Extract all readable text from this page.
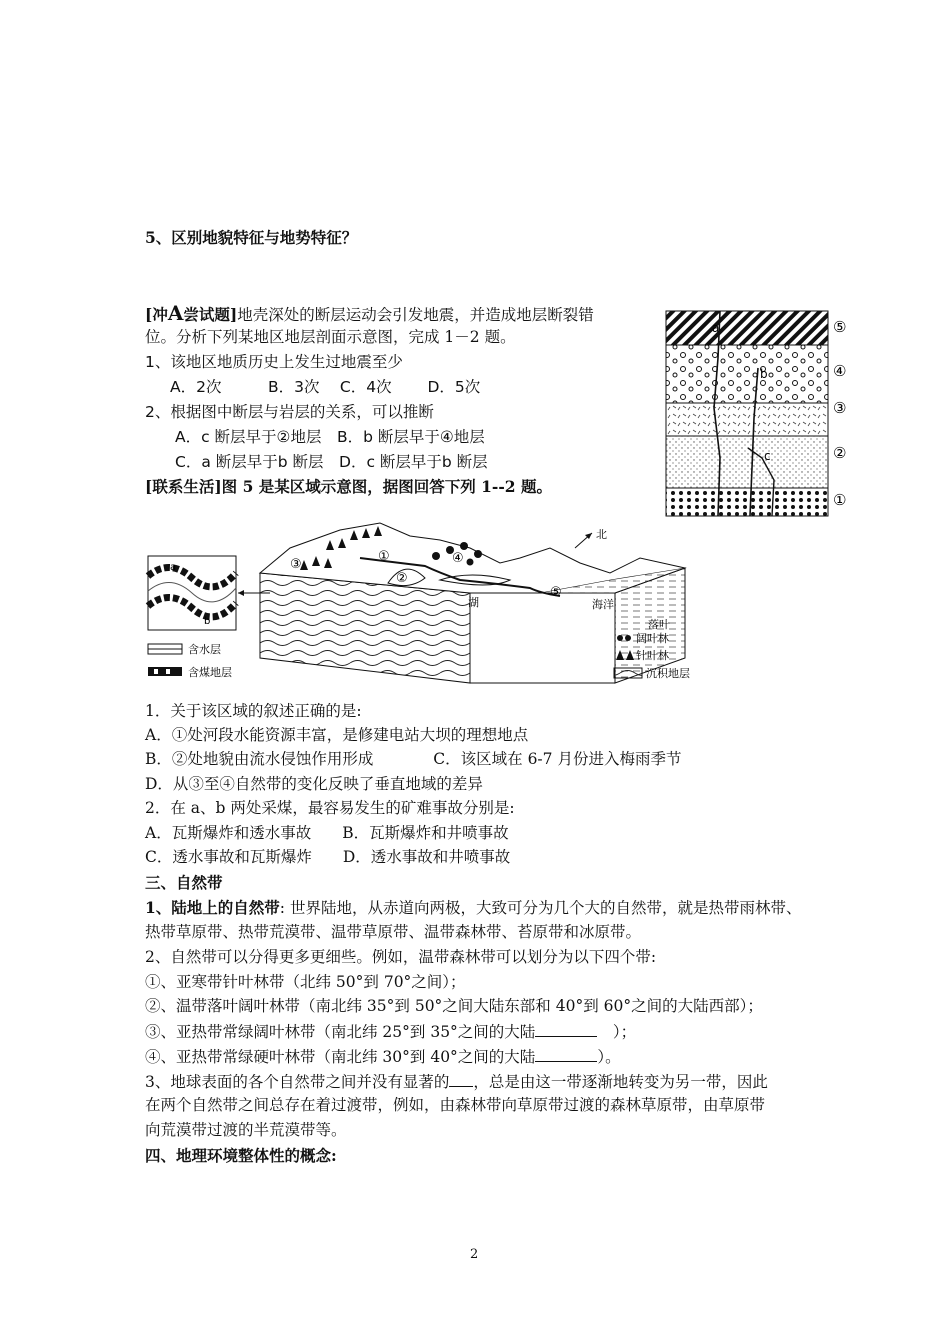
5、区别地貌特征与地势特征？
[冲A尝试题]地壳深处的断层运动会引发地震，并造成地层断裂错
位。分析下列某地区地层剖面示意图，完成 1－2 题。
1、该地区地质历史上发生过地震至少
A．2次　　　B．3次　 C．4次　　 D．5次
2、根据图中断层与岩层的关系，可以推断
A．c 断层早于②地层　B．b 断层早于④地层
C．a 断层早于b 断层　D．c 断层早于b 断层
a
b
c
⑤
④
③
②
①
[联系生活]图 5 是某区域示意图，据图回答下列 1--2 题。
a
b
含水层
含煤地层
①
②
③	④
⑤
湖	海洋
北
落叶
阔叶林
针叶林
沉积地层
1．关于该区域的叙述正确的是:
A．①处河段水能资源丰富，是修建电站大坝的理想地点
B．②处地貌由流水侵蚀作用形成	C．该区域在 6-7 月份进入梅雨季节
D．从③至④自然带的变化反映了垂直地域的差异
2．在 a、b 两处采煤，最容易发生的矿难事故分别是:
A．瓦斯爆炸和透水事故　　B．瓦斯爆炸和井喷事故
C．透水事故和瓦斯爆炸　　D．透水事故和井喷事故
三、自然带
1、陆地上的自然带: 世界陆地，从赤道向两极，大致可分为几个大的自然带，就是热带雨林带、
热带草原带、热带荒漠带、温带草原带、温带森林带、苔原带和冰原带。
2、自然带可以分得更多更细些。例如，温带森林带可以划分为以下四个带:
①、亚寒带针叶林带（北纬 50°到 70°之间）；
②、温带落叶阔叶林带（南北纬 35°到 50°之间大陆东部和 40°到 60°之间的大陆西部）；
③、亚热带常绿阔叶林带（南北纬 25°到 35°之间的大陆	　）；
④、亚热带常绿硬叶林带（南北纬 30°到 40°之间的大陆	）。
3、地球表面的各个自然带之间并没有显著的 ，总是由这一带逐渐地转变为另一带，因此
在两个自然带之间总存在着过渡带，例如，由森林带向草原带过渡的森林草原带，由草原带
向荒漠带过渡的半荒漠带等。
四、地理环境整体性的概念:
2
